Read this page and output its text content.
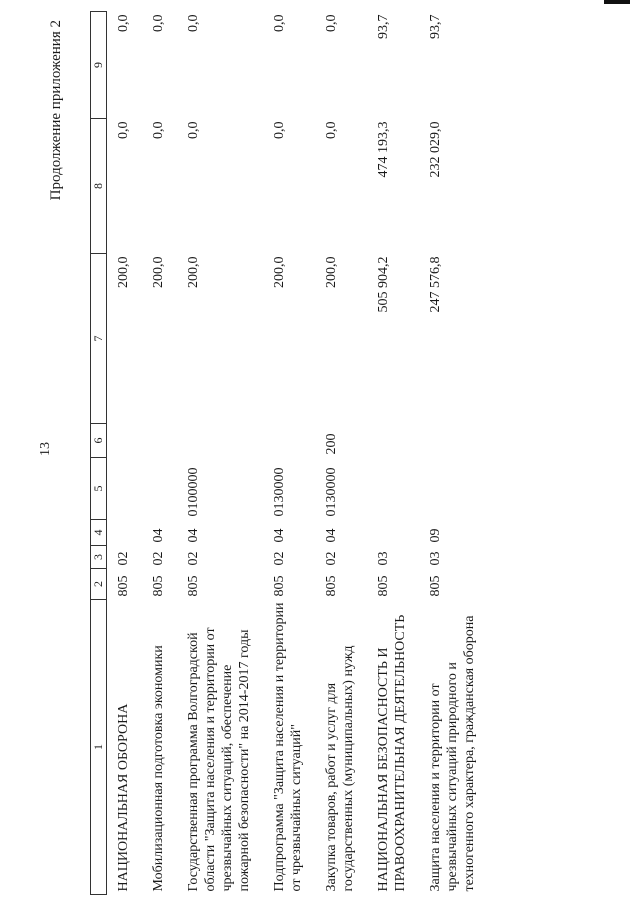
13
Продолжение приложения 2
1	2	3	4	5	6	7	8	9
НАЦИОНАЛЬНАЯ ОБОРОНА	805	02				200,0	0,0	0,0
Мобилизационная подготовка экономики	805	02	04			200,0	0,0	0,0
Государственная программа Волгоградской области "Защита населения и территории от чрезвычайных ситуаций, обеспечение пожарной безопасности" на 2014-2017 годы	805	02	04	0100000		200,0	0,0	0,0
Подпрограмма "Защита населения и территории от чрезвычайных ситуаций"	805	02	04	0130000		200,0	0,0	0,0
Закупка товаров, работ и услуг для государственных (муниципальных) нужд	805	02	04	0130000	200	200,0	0,0	0,0
НАЦИОНАЛЬНАЯ БЕЗОПАСНОСТЬ И ПРАВООХРАНИТЕЛЬНАЯ ДЕЯТЕЛЬНОСТЬ	805	03				505 904,2	474 193,3	93,7
Защита населения и территории от чрезвычайных ситуаций природного и техногенного характера, гражданская оборона	805	03	09			247 576,8	232 029,0	93,7
